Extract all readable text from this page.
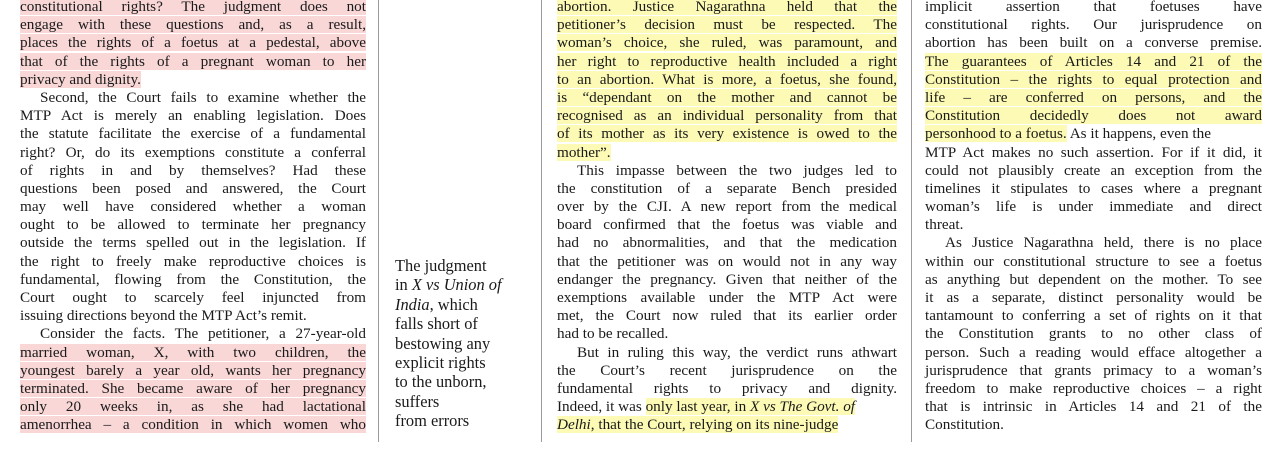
constitutional rights? The judgment does not
engage with these questions and, as a result,
places the rights of a foetus at a pedestal, above
that of the rights of a pregnant woman to her
privacy and dignity.
Second, the Court fails to examine whether the
MTP Act is merely an enabling legislation. Does
the statute facilitate the exercise of a fundamental
right? Or, do its exemptions constitute a conferral
of rights in and by themselves? Had these
questions been posed and answered, the Court
may well have considered whether a woman
ought to be allowed to terminate her pregnancy
outside the terms spelled out in the legislation. If
the right to freely make reproductive choices is
fundamental, flowing from the Constitution, the
Court ought to scarcely feel injuncted from
issuing directions beyond the MTP Act’s remit.
Consider the facts. The petitioner, a 27-year-old
married woman, X, with two children, the
youngest barely a year old, wants her pregnancy
terminated. She became aware of her pregnancy
only 20 weeks in, as she had lactational
amenorrhea – a condition in which women who
The judgment
in X vs Union of
India, which
falls short of
bestowing any
explicit rights
to the unborn,
suffers
from errors
abortion. Justice Nagarathna held that the
petitioner’s decision must be respected. The
woman’s choice, she ruled, was paramount, and
her right to reproductive health included a right
to an abortion. What is more, a foetus, she found,
is “dependant on the mother and cannot be
recognised as an individual personality from that
of its mother as its very existence is owed to the
mother”.
This impasse between the two judges led to
the constitution of a separate Bench presided
over by the CJI. A new report from the medical
board confirmed that the foetus was viable and
had no abnormalities, and that the medication
that the petitioner was on would not in any way
endanger the pregnancy. Given that neither of the
exemptions available under the MTP Act were
met, the Court now ruled that its earlier order
had to be recalled.
But in ruling this way, the verdict runs athwart
the Court’s recent jurisprudence on the
fundamental rights to privacy and dignity.
Indeed, it was only last year, in X vs The Govt. of
Delhi, that the Court, relying on its nine-judge
implicit assertion that foetuses have
constitutional rights. Our jurisprudence on
abortion has been built on a converse premise.
The guarantees of Articles 14 and 21 of the
Constitution – the rights to equal protection and
life – are conferred on persons, and the
Constitution decidedly does not award
personhood to a foetus. As it happens, even the
MTP Act makes no such assertion. For if it did, it
could not plausibly create an exception from the
timelines it stipulates to cases where a pregnant
woman’s life is under immediate and direct
threat.
As Justice Nagarathna held, there is no place
within our constitutional structure to see a foetus
as anything but dependent on the mother. To see
it as a separate, distinct personality would be
tantamount to conferring a set of rights on it that
the Constitution grants to no other class of
person. Such a reading would efface altogether a
jurisprudence that grants primacy to a woman’s
freedom to make reproductive choices – a right
that is intrinsic in Articles 14 and 21 of the
Constitution.
